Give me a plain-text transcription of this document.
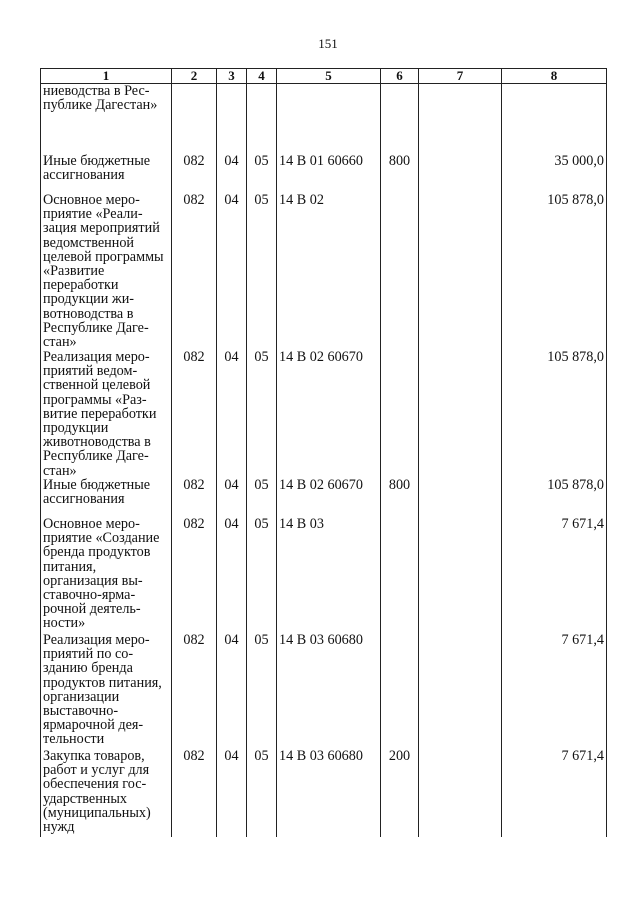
151
1	2	3	4	5	6	7	8
ниеводства в Республике Дагестан»							
Иные бюджетные ассигнования	082	04	05	14 В 01 60660	800		35 000,0
Основное мероприятие «Реализация мероприятий ведомственной целевой программы «Развитие переработки продукции животноводства в Республике Дагестан»	082	04	05	14 В 02			105 878,0
Реализация мероприятий ведомственной целевой программы «Развитие переработки продукции животноводства в Республике Дагестан»	082	04	05	14 В 02 60670			105 878,0
Иные бюджетные ассигнования	082	04	05	14 В 02 60670	800		105 878,0
Основное мероприятие «Создание бренда продуктов питания, организация выставочно-ярмарочной деятельности»	082	04	05	14 В 03			7 671,4
Реализация мероприятий по созданию бренда продуктов питания, организации выставочно-ярмарочной деятельности	082	04	05	14 В 03 60680			7 671,4
Закупка товаров, работ и услуг для обеспечения государственных (муниципальных) нужд	082	04	05	14 В 03 60680	200		7 671,4
